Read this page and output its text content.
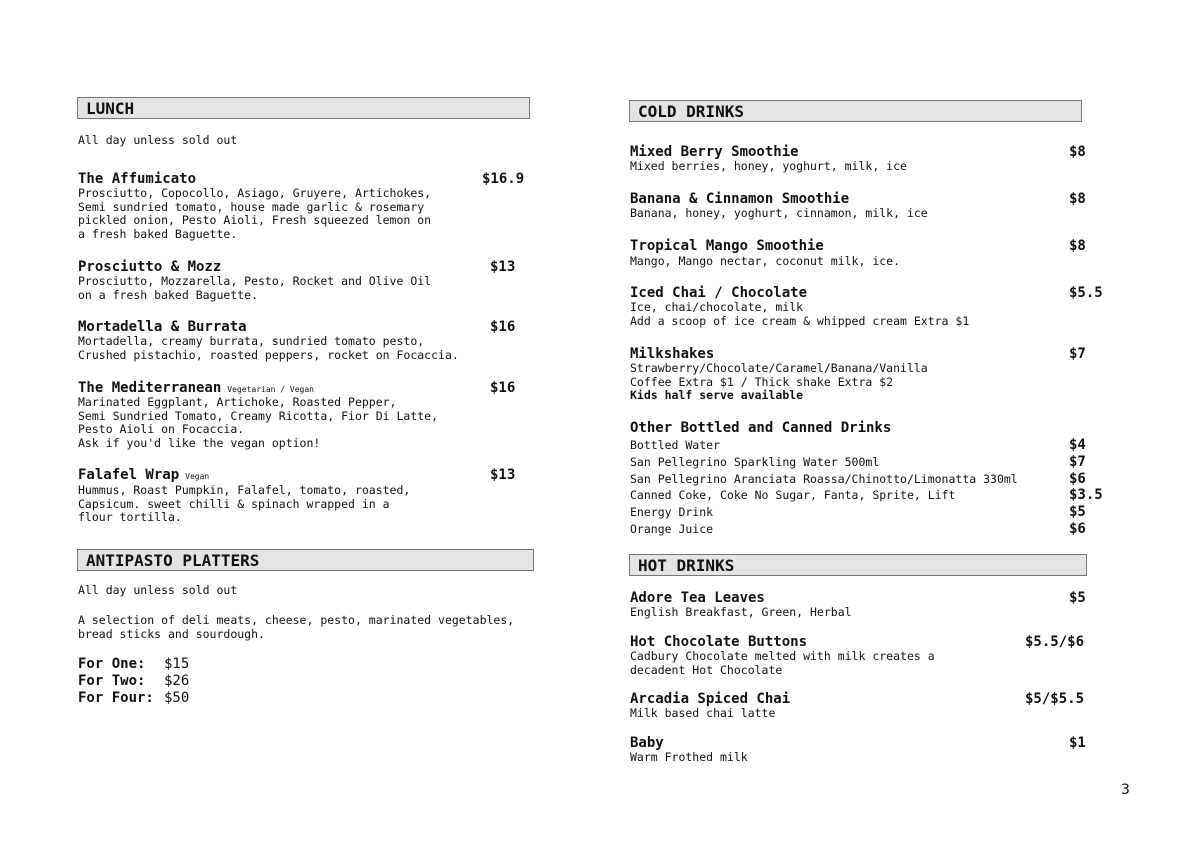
LUNCH
All day unless sold out
The Affumicato	$16.9
Prosciutto, Copocollo, Asiago, Gruyere, Artichokes,
Semi sundried tomato, house made garlic & rosemary
pickled onion, Pesto Aioli, Fresh squeezed lemon on
a fresh baked Baguette.
Prosciutto & Mozz	$13
Prosciutto, Mozzarella, Pesto, Rocket and Olive Oil
on a fresh baked Baguette.
Mortadella & Burrata	$16
Mortadella, creamy burrata, sundried tomato pesto,
Crushed pistachio, roasted peppers, rocket on Focaccia.
The Mediterranean Vegetarian / Vegan	$16
Marinated Eggplant, Artichoke, Roasted Pepper,
Semi Sundried Tomato, Creamy Ricotta, Fior Di Latte,
Pesto Aioli on Focaccia.
Ask if you'd like the vegan option!
Falafel Wrap Vegan	$13
Hummus, Roast Pumpkin, Falafel, tomato, roasted,
Capsicum. sweet chilli & spinach wrapped in a
flour tortilla.
ANTIPASTO PLATTERS
All day unless sold out
A selection of deli meats, cheese, pesto, marinated vegetables,
bread sticks and sourdough.
For One: $15
For Two: $26
For Four: $50
COLD DRINKS
Mixed Berry Smoothie	$8
Mixed berries, honey, yoghurt, milk, ice
Banana & Cinnamon Smoothie	$8
Banana, honey, yoghurt, cinnamon, milk, ice
Tropical Mango Smoothie	$8
Mango, Mango nectar, coconut milk, ice.
Iced Chai / Chocolate	$5.5
Ice, chai/chocolate, milk
Add a scoop of ice cream & whipped cream Extra $1
Milkshakes	$7
Strawberry/Chocolate/Caramel/Banana/Vanilla
Coffee Extra $1 / Thick shake Extra $2
Kids half serve available
Other Bottled and Canned Drinks
Bottled Water	$4
San Pellegrino Sparkling Water 500ml	$7
San Pellegrino Aranciata Roassa/Chinotto/Limonatta 330ml	$6
Canned Coke, Coke No Sugar, Fanta, Sprite, Lift	$3.5
Energy Drink	$5
Orange Juice	$6
HOT DRINKS
Adore Tea Leaves	$5
English Breakfast, Green, Herbal
Hot Chocolate Buttons	$5.5/$6
Cadbury Chocolate melted with milk creates a
decadent Hot Chocolate
Arcadia Spiced Chai	$5/$5.5
Milk based chai latte
Baby	$1
Warm Frothed milk
3
